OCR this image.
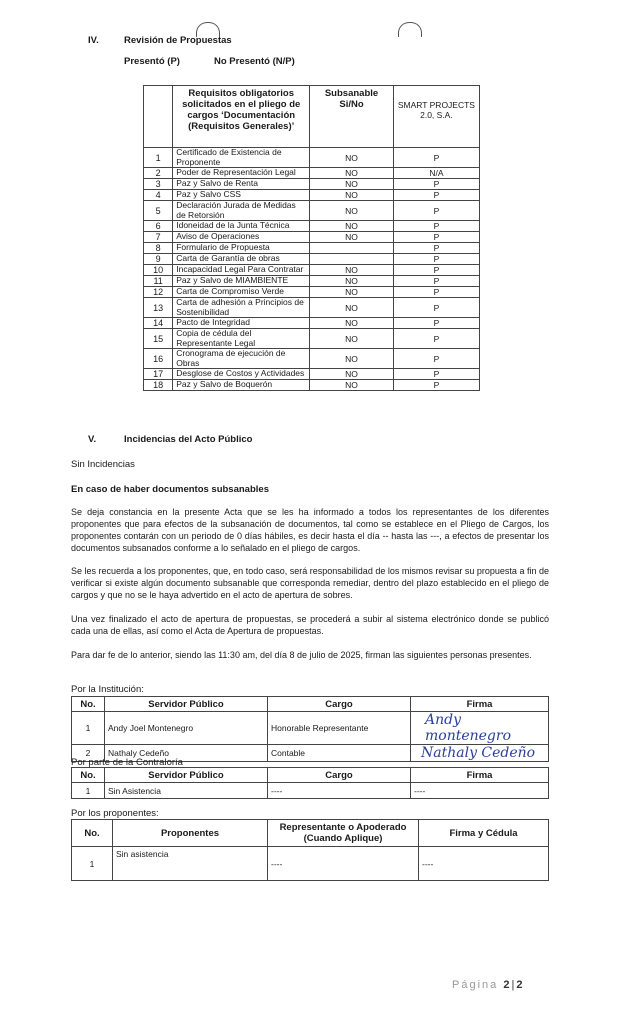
IV.	Revisión de Propuestas
Presentó (P)	No Presentó (N/P)
	Requisitos obligatorios solicitados en el pliego de cargos ‘Documentación (Requisitos Generales)’	Subsanable Si/No	SMART PROJECTS 2.0, S.A.
1	Certificado de Existencia de Proponente	NO	P
2	Poder de Representación Legal	NO	N/A
3	Paz y Salvo de Renta	NO	P
4	Paz y Salvo CSS	NO	P
5	Declaración Jurada de Medidas de Retorsión	NO	P
6	Idoneidad de la Junta Técnica	NO	P
7	Aviso de Operaciones	NO	P
8	Formulario de Propuesta		P
9	Carta de Garantía de obras		P
10	Incapacidad Legal Para Contratar	NO	P
11	Paz y Salvo de MIAMBIENTE	NO	P
12	Carta de Compromiso Verde	NO	P
13	Carta de adhesión a Principios de Sostenibilidad	NO	P
14	Pacto de Integridad	NO	P
15	Copia de cédula del Representante Legal	NO	P
16	Cronograma de ejecución de Obras	NO	P
17	Desglose de Costos y Actividades	NO	P
18	Paz y Salvo de Boquerón	NO	P
V.	Incidencias del Acto Público
Sin Incidencias
En caso de haber documentos subsanables
Se deja constancia en la presente Acta que se les ha informado a todos los representantes de los diferentes proponentes que para efectos de la subsanación de documentos, tal como se establece en el Pliego de Cargos, los proponentes contarán con un periodo de 0 días hábiles, es decir hasta el día -- hasta las ---, a efectos de presentar los documentos subsanados conforme a lo señalado en el pliego de cargos.
Se les recuerda a los proponentes, que, en todo caso, será responsabilidad de los mismos revisar su propuesta a fin de verificar si existe algún documento subsanable que corresponda remediar, dentro del plazo establecido en el pliego de cargos y que no se le haya advertido en el acto de apertura de sobres.
Una vez finalizado el acto de apertura de propuestas, se procederá a subir al sistema electrónico donde se publicó cada una de ellas, así como el Acta de Apertura de propuestas.
Para dar fe de lo anterior, siendo las 11:30 am, del día 8 de julio de 2025, firman las siguientes personas presentes.
Por la Institución:
No.	Servidor Público	Cargo	Firma
1	Andy Joel Montenegro	Honorable Representante	Andy montenegro
2	Nathaly Cedeño	Contable	Nathaly Cedeño
Por parte de la Contraloría
No.	Servidor Público	Cargo	Firma
1	Sin Asistencia	----	----
Por los proponentes:
No.	Proponentes	Representante o Apoderado (Cuando Aplique)	Firma y Cédula
1	Sin asistencia	----	----
Página 2|2
